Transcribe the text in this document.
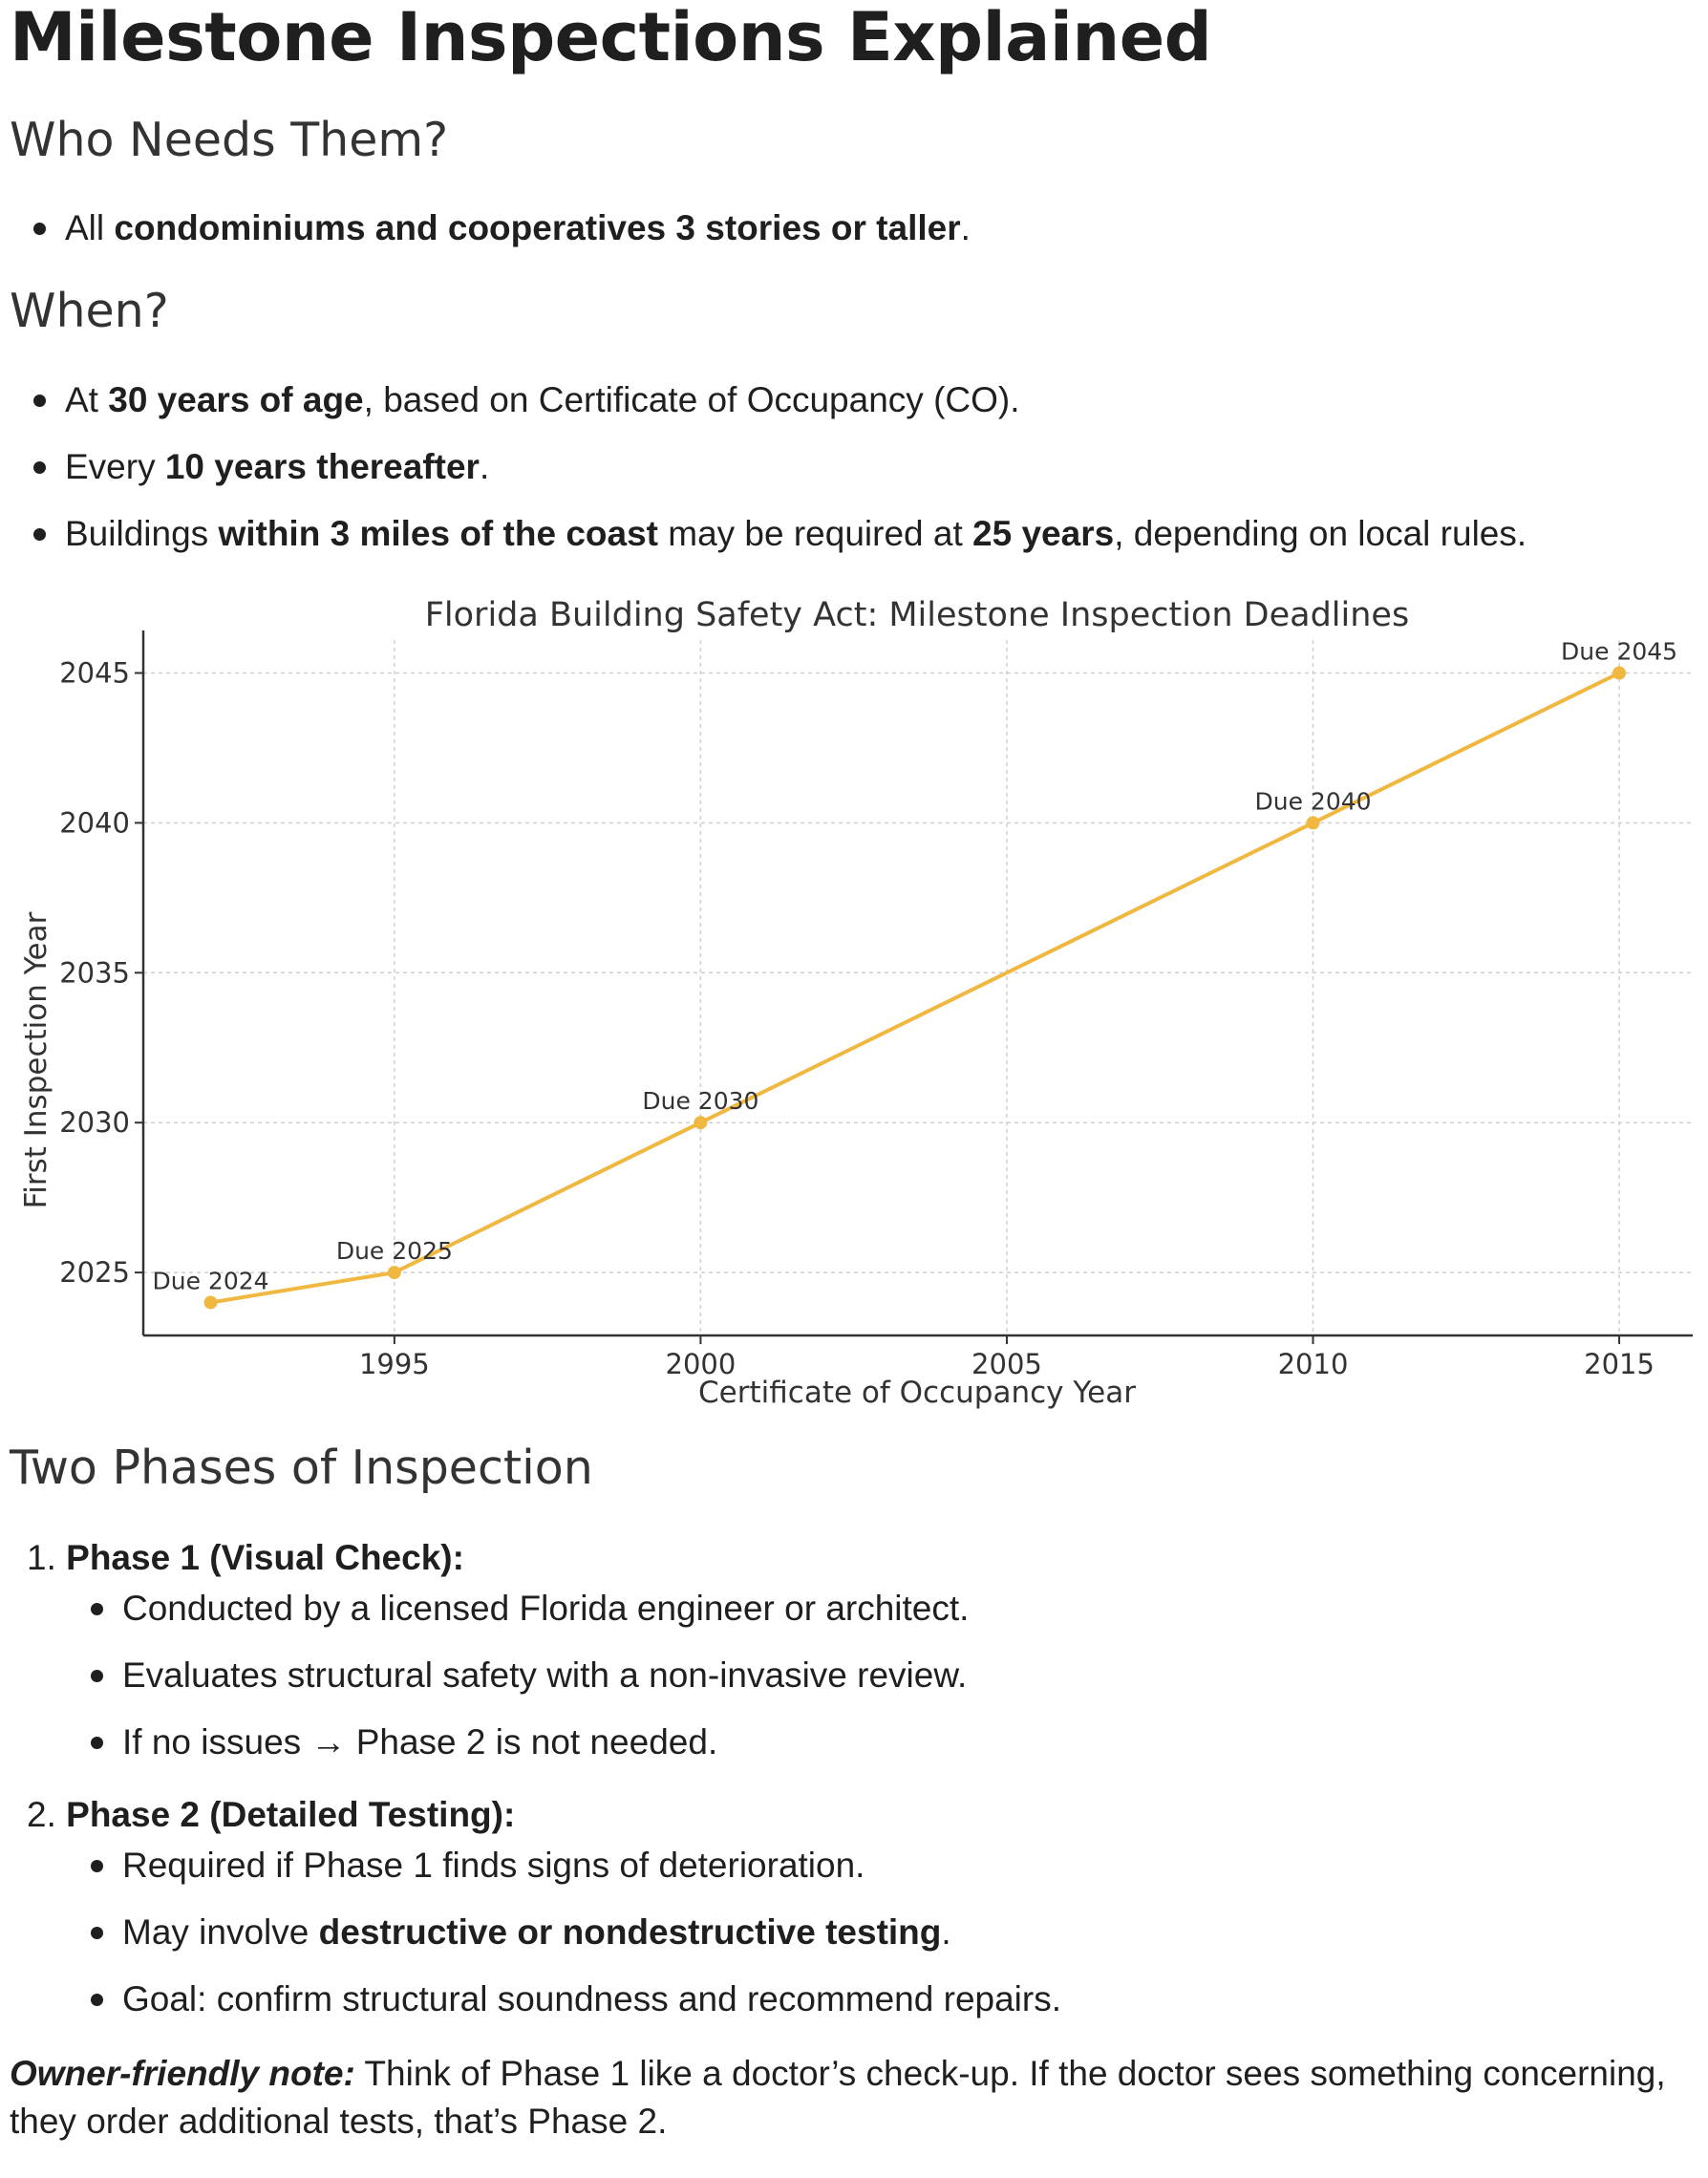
Milestone Inspections Explained
Who Needs Them?
All condominiums and cooperatives 3 stories or taller.
When?
At 30 years of age, based on Certificate of Occupancy (CO).
Every 10 years thereafter.
Buildings within 3 miles of the coast may be required at 25 years, depending on local rules.
1995	2000	2005	2010	2015
2025
2030
2035
2040
2045
Due 2024
Due 2025
Due 2030
Due 2040
Due 2045
Florida Building Safety Act: Milestone Inspection Deadlines
Certificate of Occupancy Year
First Inspection Year
Two Phases of Inspection

1. Phase 1 (Visual Check):

Conducted by a licensed Florida engineer or architect.
Evaluates structural safety with a non-invasive review.
If no issues → Phase 2 is not needed.

2. Phase 2 (Detailed Testing):

Required if Phase 1 finds signs of deterioration.
May involve destructive or nondestructive testing.
Goal: confirm structural soundness and recommend repairs.

Owner-friendly note: Think of Phase 1 like a doctor’s check-up. If the doctor sees something concerning, they order additional tests, that’s Phase 2.
